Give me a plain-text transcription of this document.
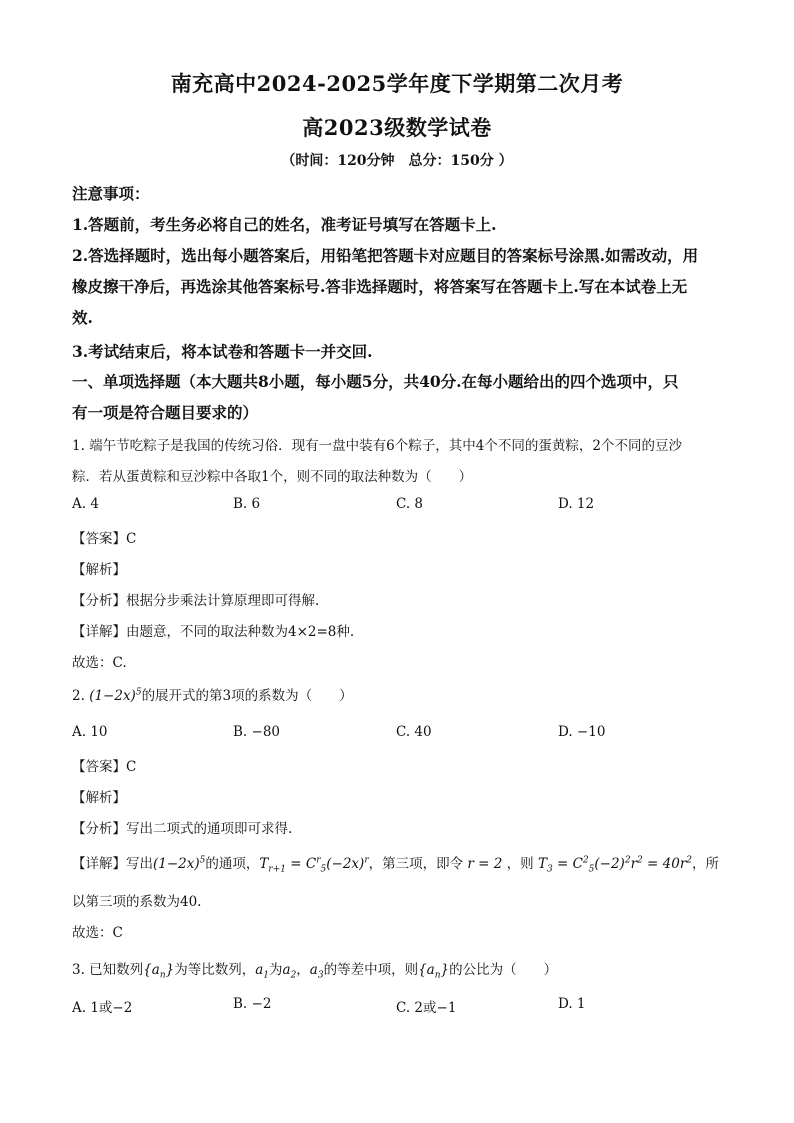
南充高中2024-2025学年度下学期第二次月考
高2023级数学试卷
（时间：120分钟　总分：150分 ）
注意事项：
1.答题前，考生务必将自己的姓名，准考证号填写在答题卡上.
2.答选择题时，选出每小题答案后，用铅笔把答题卡对应题目的答案标号涂黑.如需改动，用
橡皮擦干净后，再选涂其他答案标号.答非选择题时，将答案写在答题卡上.写在本试卷上无
效.
3.考试结束后，将本试卷和答题卡一并交回.
一、单项选择题（本大题共8小题，每小题5分，共40分.在每小题给出的四个选项中，只
有一项是符合题目要求的）
1. 端午节吃粽子是我国的传统习俗．现有一盘中装有6个粽子，其中4个不同的蛋黄粽，2个不同的豆沙
粽．若从蛋黄粽和豆沙粽中各取1个，则不同的取法种数为（　　）
A. 4	B. 6	C. 8	D. 12
【答案】C
【解析】
【分析】根据分步乘法计算原理即可得解.
【详解】由题意，不同的取法种数为4×2=8种.
故选：C.
2. $(1-2x)^5$的展开式的第3项的系数为（　　）
A. 10	B. −80	C. 40	D. −10
【答案】C
【解析】
【分析】写出二项式的通项即可求得.
【详解】写出$(1-2x)^5$的通项，$T_{r+1} = C^r_5(-2x)^r$，第三项，即令 r = 2 ，则 $T_3 = C^2_5(-2)^2r^2 = 40r^2$，所
以第三项的系数为40.
故选：C
3. 已知数列$\{a_n\}$为等比数列，$a_1$为$a_2$，$a_3$的等差中项，则$\{a_n\}$的公比为（　　）
A. 1或−2	B. −2	C. 2或−1	D. 1
